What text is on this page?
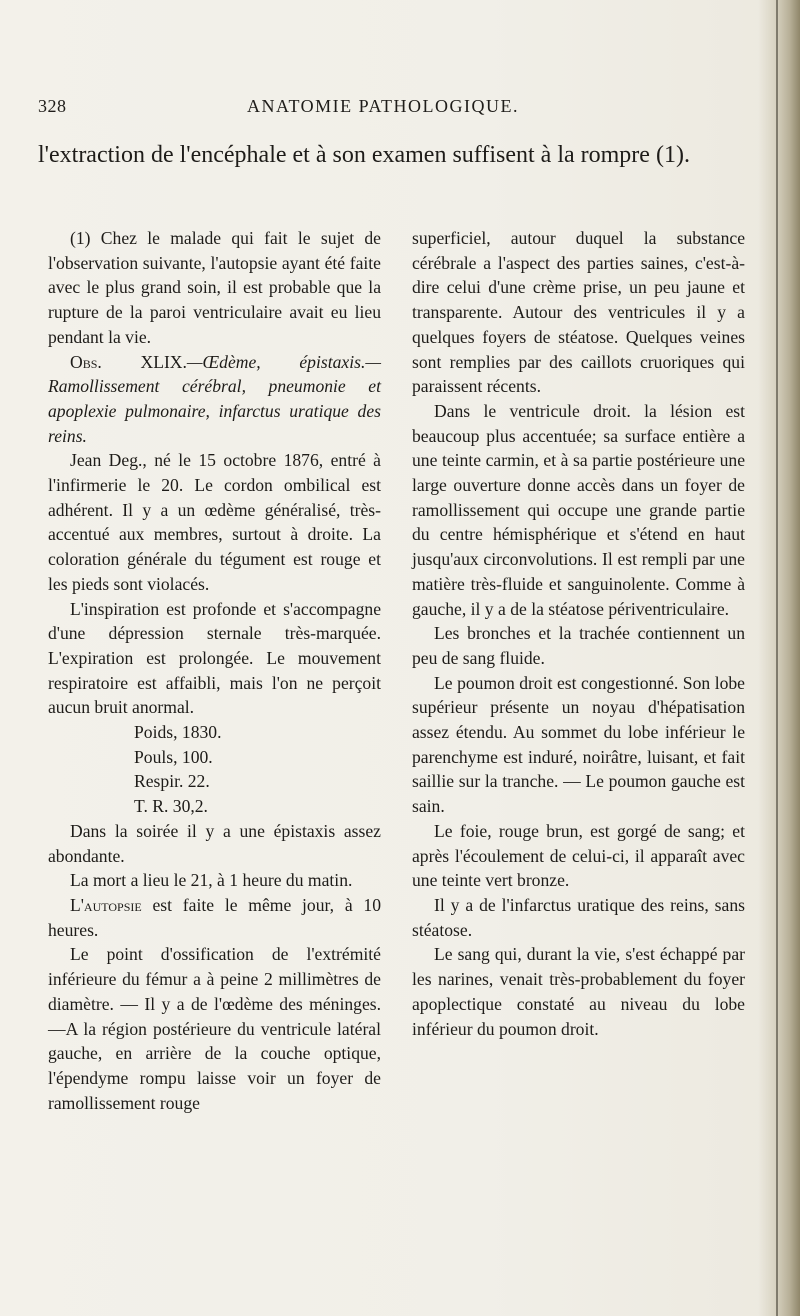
328	ANATOMIE PATHOLOGIQUE.

l'extraction de l'encéphale et à son examen suffisent à la rompre (1).

(1) Chez le malade qui fait le sujet de l'observation suivante, l'autopsie ayant été faite avec le plus grand soin, il est probable que la rupture de la paroi ventriculaire avait eu lieu pendant la vie.

Obs. XLIX.—Œdème, épistaxis.— Ramollissement cérébral, pneumonie et apoplexie pulmonaire, infarctus uratique des reins.

Jean Deg., né le 15 octobre 1876, entré à l'infirmerie le 20. Le cordon ombilical est adhérent. Il y a un œdème généralisé, très-accentué aux membres, surtout à droite. La coloration générale du tégument est rouge et les pieds sont violacés.

L'inspiration est profonde et s'accompagne d'une dépression sternale très-marquée. L'expiration est prolongée. Le mouvement respiratoire est affaibli, mais l'on ne perçoit aucun bruit anormal.

Poids, 1830.
Pouls, 100.
Respir. 22.
T. R. 30,2.

Dans la soirée il y a une épistaxis assez abondante.

La mort a lieu le 21, à 1 heure du matin.

L'autopsie est faite le même jour, à 10 heures.

Le point d'ossification de l'extrémité inférieure du fémur a à peine 2 millimètres de diamètre. — Il y a de l'œdème des méninges. —A la région postérieure du ventricule latéral gauche, en arrière de la couche optique, l'épendyme rompu laisse voir un foyer de ramollissement rouge

superficiel, autour duquel la substance cérébrale a l'aspect des parties saines, c'est-à-dire celui d'une crème prise, un peu jaune et transparente. Autour des ventricules il y a quelques foyers de stéatose. Quelques veines sont remplies par des caillots cruoriques qui paraissent récents.

Dans le ventricule droit. la lésion est beaucoup plus accentuée; sa surface entière a une teinte carmin, et à sa partie postérieure une large ouverture donne accès dans un foyer de ramollissement qui occupe une grande partie du centre hémisphérique et s'étend en haut jusqu'aux circonvolutions. Il est rempli par une matière très-fluide et sanguinolente. Comme à gauche, il y a de la stéatose périventriculaire.

Les bronches et la trachée contiennent un peu de sang fluide.

Le poumon droit est congestionné. Son lobe supérieur présente un noyau d'hépatisation assez étendu. Au sommet du lobe inférieur le parenchyme est induré, noirâtre, luisant, et fait saillie sur la tranche. — Le poumon gauche est sain.

Le foie, rouge brun, est gorgé de sang; et après l'écoulement de celui-ci, il apparaît avec une teinte vert bronze.

Il y a de l'infarctus uratique des reins, sans stéatose.

Le sang qui, durant la vie, s'est échappé par les narines, venait très-probablement du foyer apoplectique constaté au niveau du lobe inférieur du poumon droit.
